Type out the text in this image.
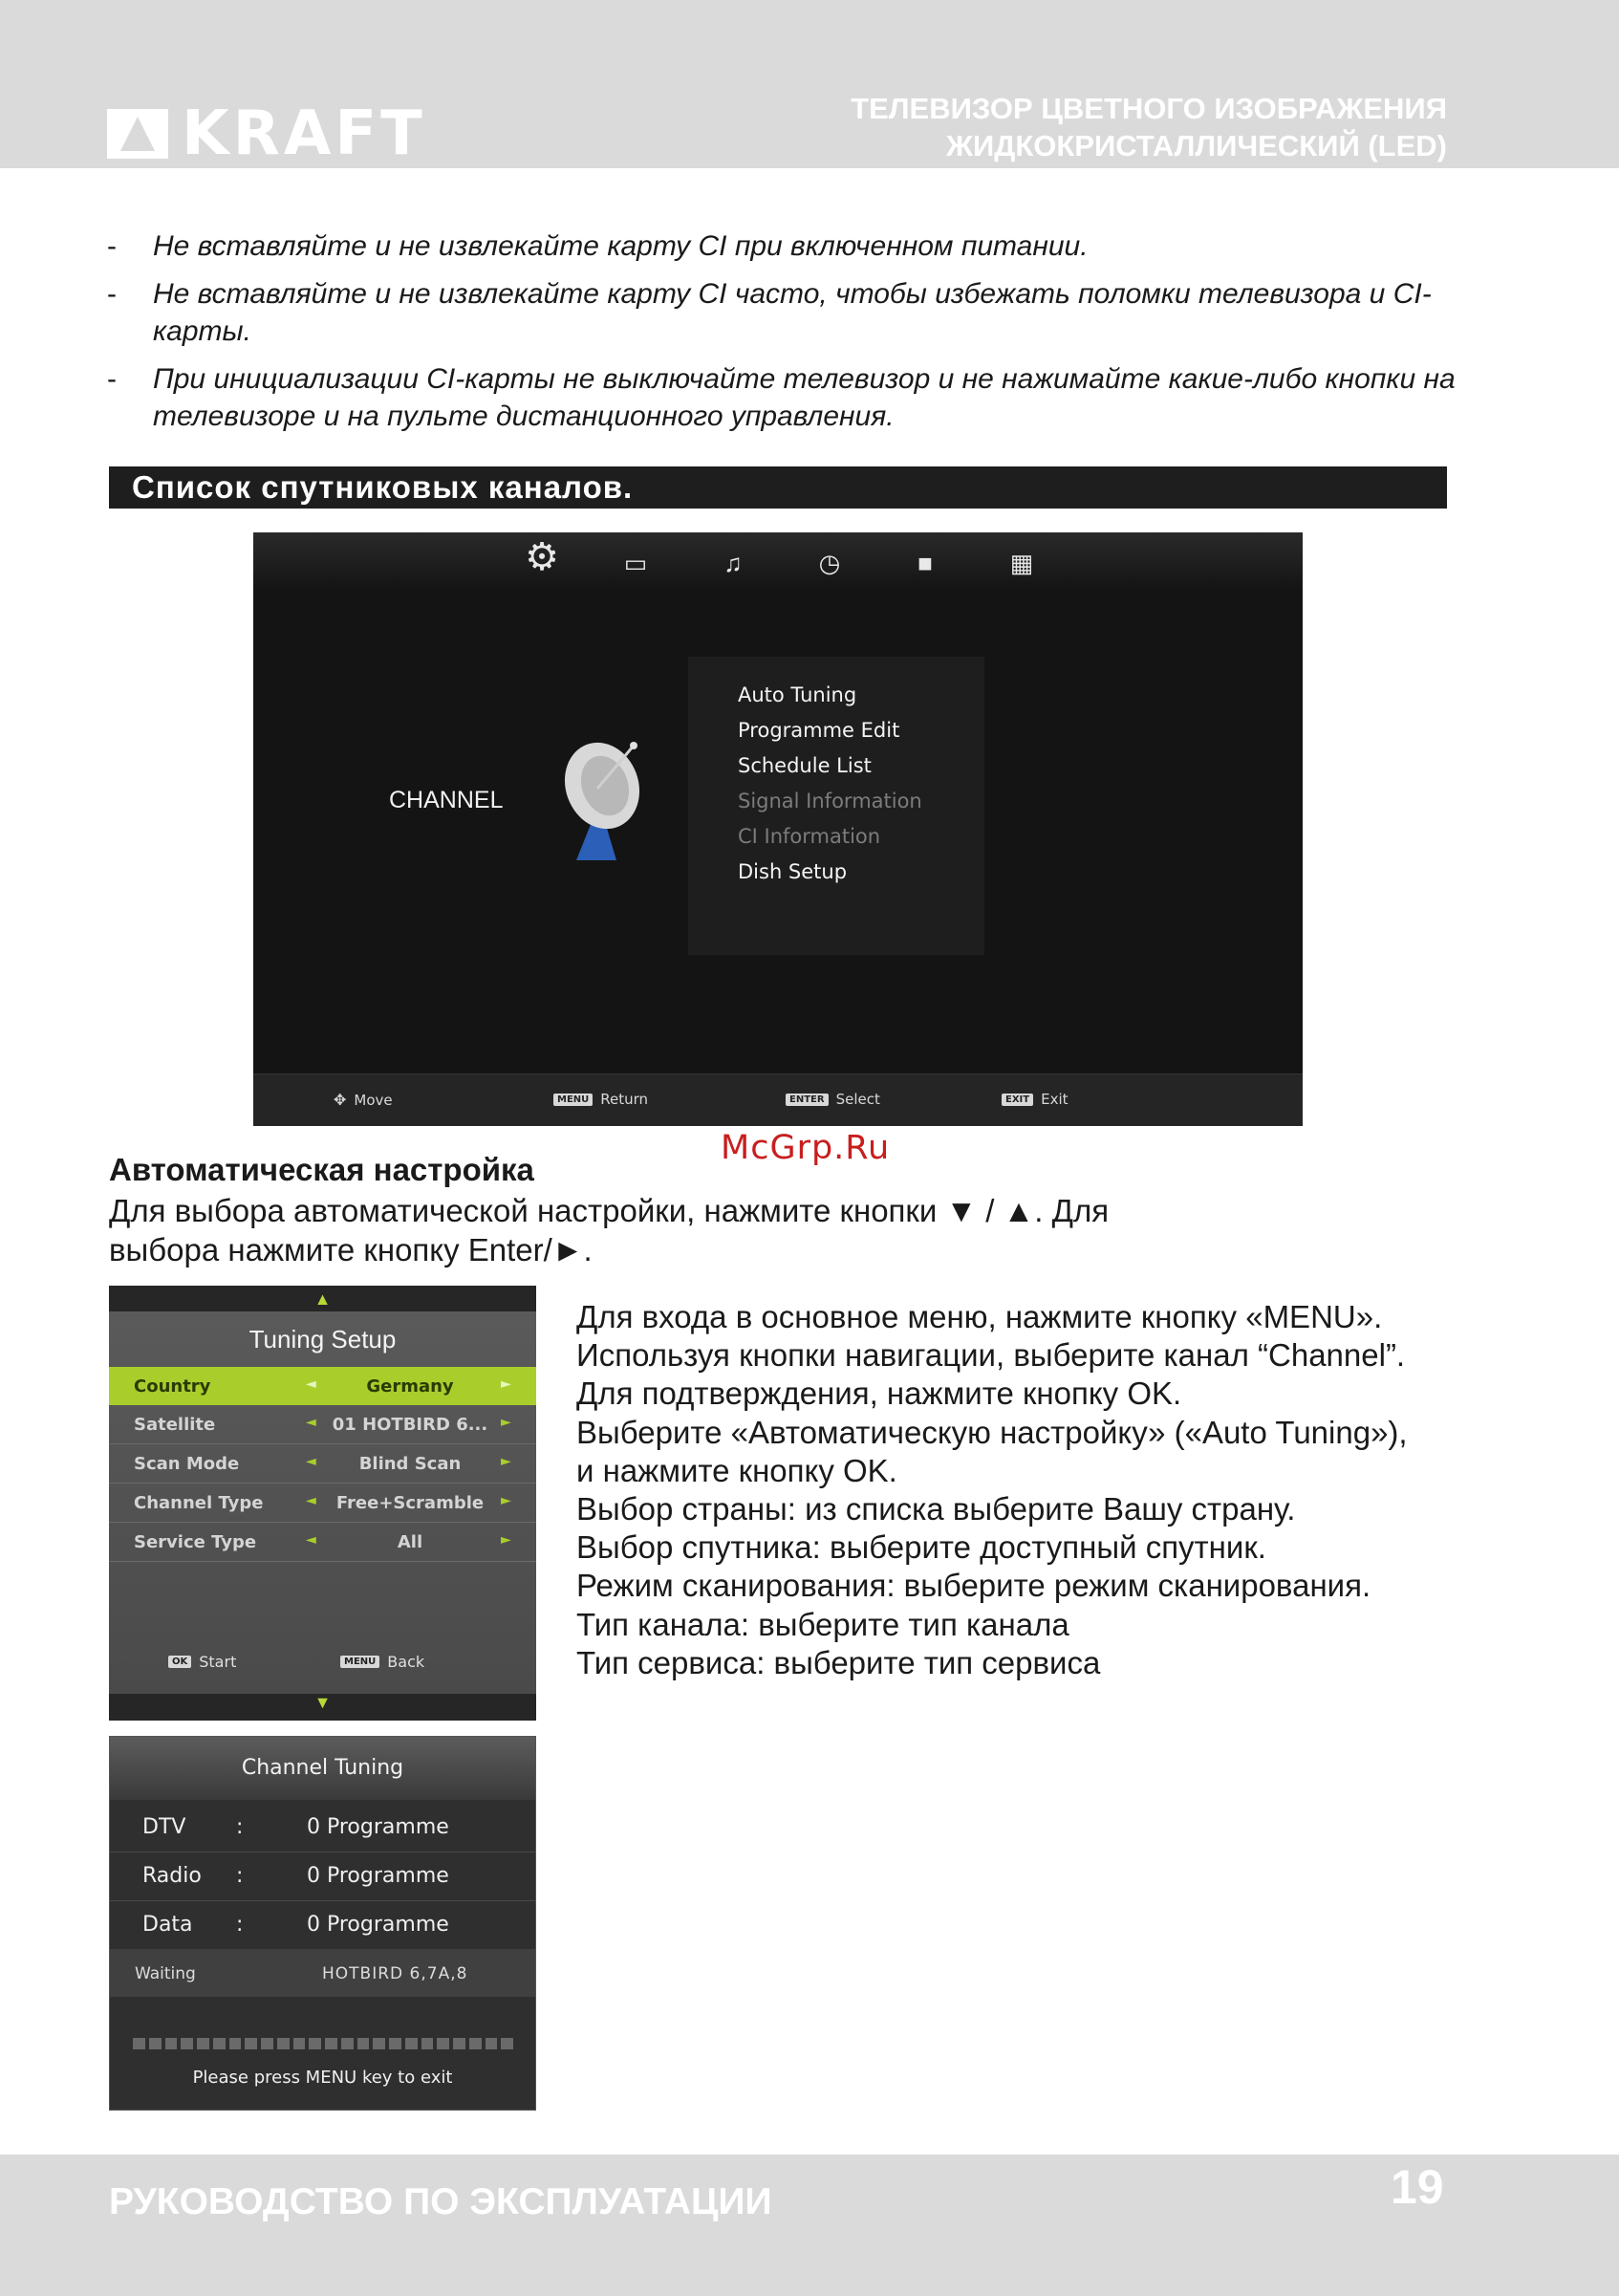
KRAFT	ТЕЛЕВИЗОР ЦВЕТНОГО ИЗОБРАЖЕНИЯ
ЖИДКОКРИСТАЛЛИЧЕСКИЙ (LED)
- Не вставляйте и не извлекайте карту CI при включенном питании.
- Не вставляйте и не извлекайте карту CI часто, чтобы избежать поломки телевизора и CI-карты.
- При инициализации CI-карты не выключайте телевизор и не нажимайте какие-либо кнопки на телевизоре и на пульте дистанционного управления.
Список спутниковых каналов.
⚙	▭	♫	◷	■	▦
CHANNEL
Auto Tuning
Programme Edit
Schedule List
Signal Information
CI Information
Dish Setup
✥ Move	MENU Return	ENTER Select	EXIT Exit
McGrp.Ru
Автоматическая настройка
Для выбора автоматической настройки, нажмите кнопки ▼ / ▲. Для
выбора нажмите кнопку Enter/►.
▲
Tuning Setup
Country	◄	Germany	►
Satellite	◄ 01 HOTBIRD 6... ►
Scan Mode	◄	Blind Scan	►
Channel Type	◄	Free+Scramble	►
Service Type	◄	All	►
OK Start	MENU Back
▼
Для входа в основное меню, нажмите кнопку «MENU».
Используя кнопки навигации, выберите канал “Channel”.
Для подтверждения, нажмите кнопку OK.
Выберите «Автоматическую настройку» («Auto Tuning»),
и нажмите кнопку OK.
Выбор страны: из списка выберите Вашу страну.
Выбор спутника: выберите доступный спутник.
Режим сканирования: выберите режим сканирования.
Тип канала: выберите тип канала
Тип сервиса: выберите тип сервиса
Channel Tuning
DTV :	0 Programme
Radio :	0 Programme
Data :	0 Programme
Waiting	HOTBIRD 6,7A,8
Please press MENU key to exit
РУКОВОДСТВО ПО ЭКСПЛУАТАЦИИ	19
